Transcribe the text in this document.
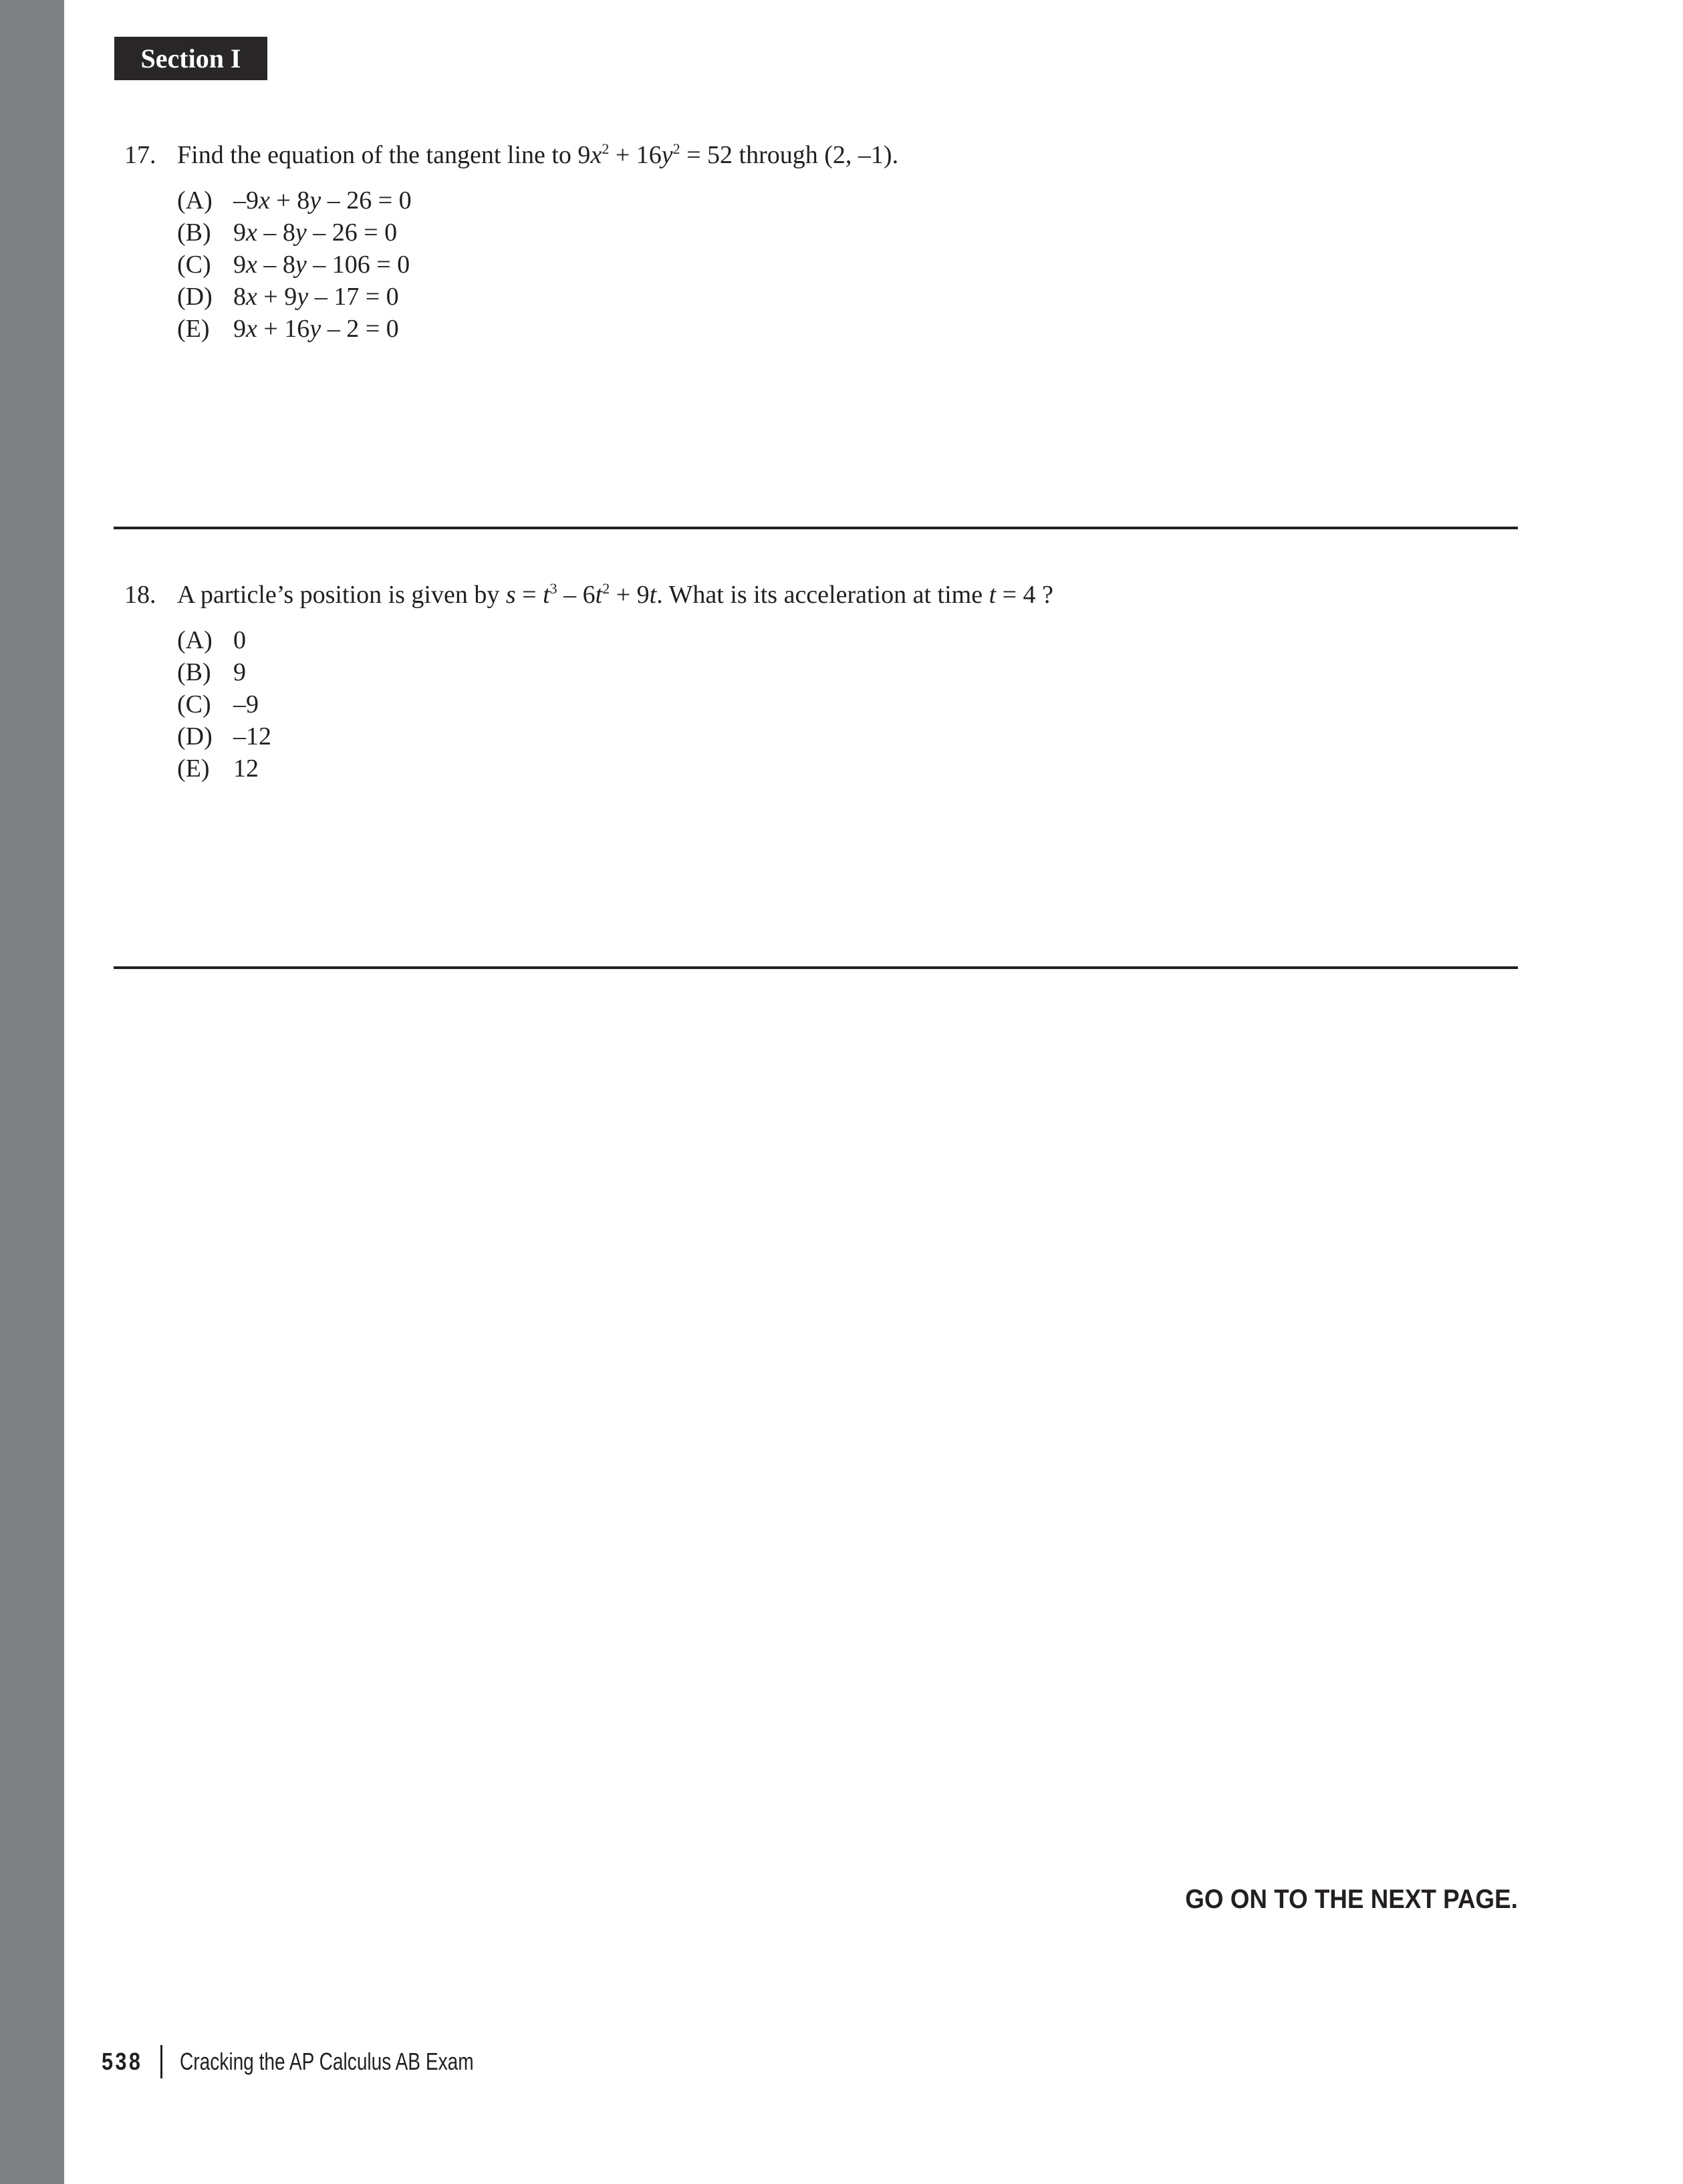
Section I
17. Find the equation of the tangent line to $9x^2 + 16y^2 = 52$ through (2, –1).
(A) –9x + 8y – 26 = 0
(B) 9x – 8y – 26 = 0
(C) 9x – 8y – 106 = 0
(D) 8x + 9y – 17 = 0
(E) 9x + 16y – 2 = 0
18. A particle’s position is given by $s = t^3 - 6t^2 + 9t$. What is its acceleration at time t = 4 ?
(A) 0
(B) 9
(C) –9
(D) –12
(E) 12
GO ON TO THE NEXT PAGE.
538	Cracking the AP Calculus AB Exam
